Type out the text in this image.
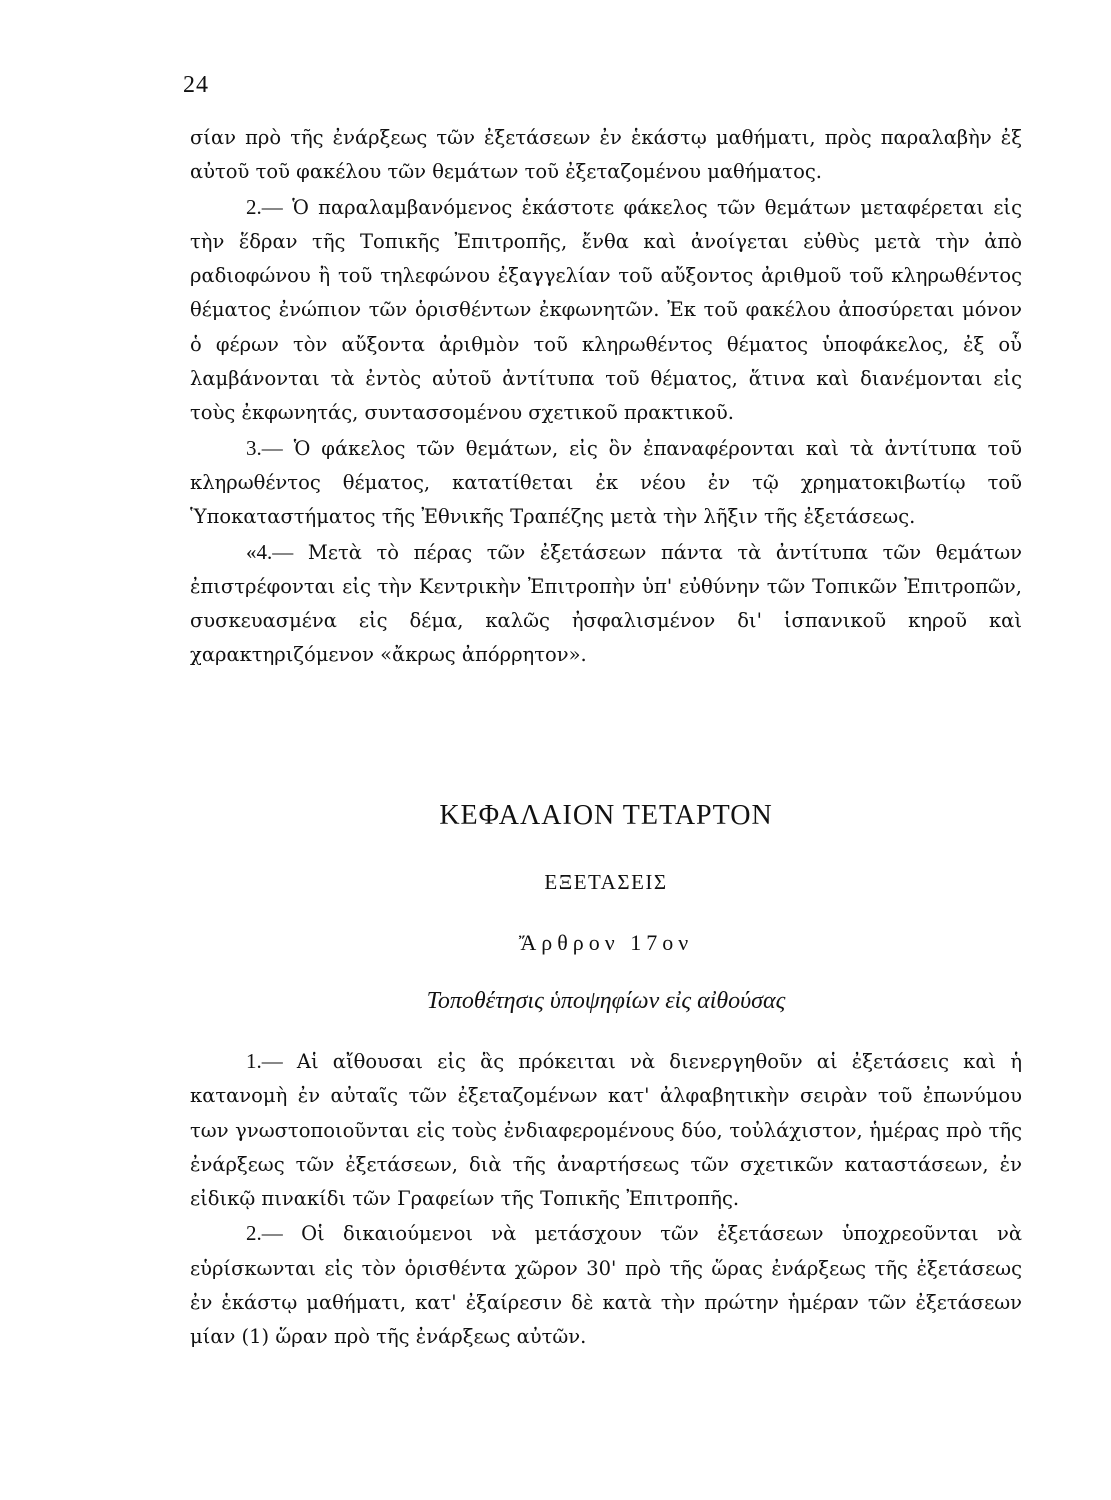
24

σίαν πρὸ τῆς ἐνάρξεως τῶν ἐξετάσεων ἐν ἑκάστῳ μαθήματι, πρὸς παραλαβὴν ἐξ αὐτοῦ τοῦ φακέλου τῶν θεμάτων τοῦ ἐξεταζομένου μαθήματος.

2.— Ὁ παραλαμβανόμενος ἑκάστοτε φάκελος τῶν θεμάτων μεταφέρεται εἰς τὴν ἕδραν τῆς Τοπικῆς Ἐπιτροπῆς, ἔνθα καὶ ἀνοίγεται εὐθὺς μετὰ τὴν ἀπὸ ραδιοφώνου ἢ τοῦ τηλεφώνου ἐξαγγελίαν τοῦ αὔξοντος ἀριθμοῦ τοῦ κληρωθέντος θέματος ἐνώπιον τῶν ὁρισθέντων ἐκφωνητῶν. Ἐκ τοῦ φακέλου ἀποσύρεται μόνον ὁ φέρων τὸν αὔξοντα ἀριθμὸν τοῦ κληρωθέντος θέματος ὑποφάκελος, ἐξ οὗ λαμβάνονται τὰ ἐντὸς αὐτοῦ ἀντίτυπα τοῦ θέματος, ἅτινα καὶ διανέμονται εἰς τοὺς ἐκφωνητάς, συντασσομένου σχετικοῦ πρακτικοῦ.

3.— Ὁ φάκελος τῶν θεμάτων, εἰς ὃν ἐπαναφέρονται καὶ τὰ ἀντίτυπα τοῦ κληρωθέντος θέματος, κατατίθεται ἐκ νέου ἐν τῷ χρηματοκιβωτίῳ τοῦ Ὑποκαταστήματος τῆς Ἐθνικῆς Τραπέζης μετὰ τὴν λῆξιν τῆς ἐξετάσεως.

«4.— Μετὰ τὸ πέρας τῶν ἐξετάσεων πάντα τὰ ἀντίτυπα τῶν θεμάτων ἐπιστρέφονται εἰς τὴν Κεντρικὴν Ἐπιτροπὴν ὑπ' εὐθύνην τῶν Τοπικῶν Ἐπιτροπῶν, συσκευασμένα εἰς δέμα, καλῶς ἠσφαλισμένον δι' ἱσπανικοῦ κηροῦ καὶ χαρακτηριζόμενον «ἄκρως ἀπόρρητον».

ΚΕΦΑΛΑΙΟΝ ΤΕΤΑΡΤΟΝ
ΕΞΕΤΑΣΕΙΣ
Ἄρθρον 17ον
Τοποθέτησις ὑποψηφίων εἰς αἰθούσας

1.— Αἱ αἴθουσαι εἰς ἃς πρόκειται νὰ διενεργηθοῦν αἱ ἐξετάσεις καὶ ἡ κατανομὴ ἐν αὐταῖς τῶν ἐξεταζομένων κατ' ἀλφαβητικὴν σειρὰν τοῦ ἐπωνύμου των γνωστοποιοῦνται εἰς τοὺς ἐνδιαφερομένους δύο, τοὐλάχιστον, ἡμέρας πρὸ τῆς ἐνάρξεως τῶν ἐξετάσεων, διὰ τῆς ἀναρτήσεως τῶν σχετικῶν καταστάσεων, ἐν εἰδικῷ πινακίδι τῶν Γραφείων τῆς Τοπικῆς Ἐπιτροπῆς.

2.— Οἱ δικαιούμενοι νὰ μετάσχουν τῶν ἐξετάσεων ὑποχρεοῦνται νὰ εὑρίσκωνται εἰς τὸν ὁρισθέντα χῶρον 30' πρὸ τῆς ὥρας ἐνάρξεως τῆς ἐξετάσεως ἐν ἑκάστῳ μαθήματι, κατ' ἐξαίρεσιν δὲ κατὰ τὴν πρώτην ἡμέραν τῶν ἐξετάσεων μίαν (1) ὥραν πρὸ τῆς ἐνάρξεως αὐτῶν.
